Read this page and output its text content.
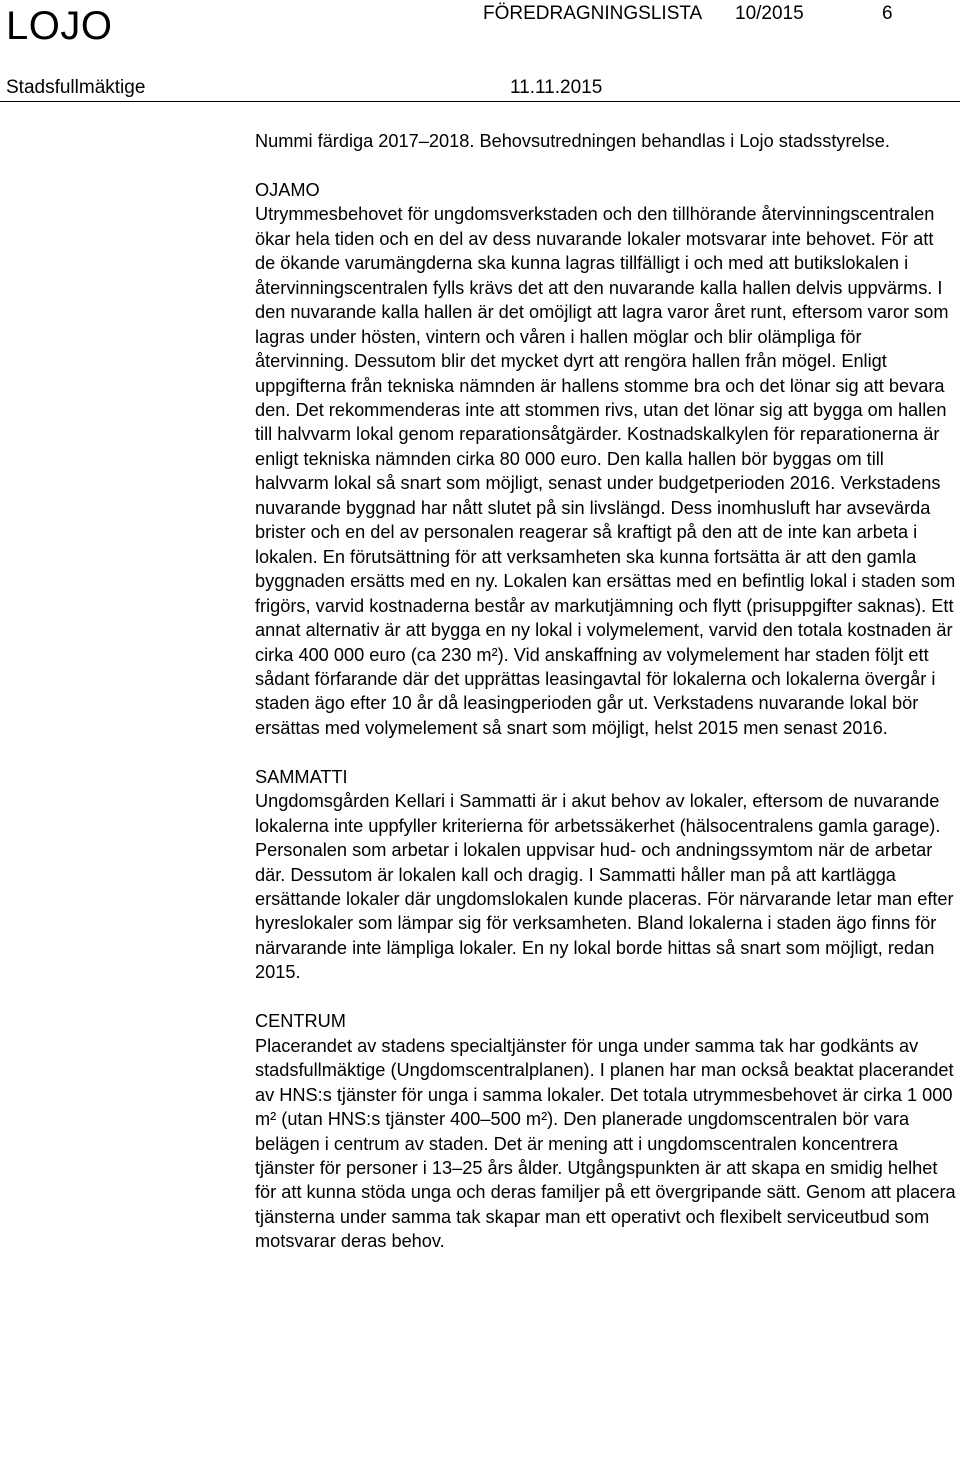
LOJO	FÖREDRAGNINGSLISTA 10/2015	6
Stadsfullmäktige	11.11.2015

Nummi färdiga 2017–2018. Behovsutredningen behandlas i Lojo stadsstyrelse.

OJAMO
Utrymmesbehovet för ungdomsverkstaden och den tillhörande återvinningscentralen ökar hela tiden och en del av dess nuvarande lokaler motsvarar inte behovet. För att de ökande varumängderna ska kunna lagras tillfälligt i och med att butikslokalen i återvinningscentralen fylls krävs det att den nuvarande kalla hallen delvis uppvärms. I den nuvarande kalla hallen är det omöjligt att lagra varor året runt, eftersom varor som lagras under hösten, vintern och våren i hallen möglar och blir olämpliga för återvinning. Dessutom blir det mycket dyrt att rengöra hallen från mögel. Enligt uppgifterna från tekniska nämnden är hallens stomme bra och det lönar sig att bevara den. Det rekommenderas inte att stommen rivs, utan det lönar sig att bygga om hallen till halvvarm lokal genom reparationsåtgärder. Kostnadskalkylen för reparationerna är enligt tekniska nämnden cirka 80 000 euro. Den kalla hallen bör byggas om till halvvarm lokal så snart som möjligt, senast under budgetperioden 2016. Verkstadens nuvarande byggnad har nått slutet på sin livslängd. Dess inomhusluft har avsevärda brister och en del av personalen reagerar så kraftigt på den att de inte kan arbeta i lokalen. En förutsättning för att verksamheten ska kunna fortsätta är att den gamla byggnaden ersätts med en ny. Lokalen kan ersättas med en befintlig lokal i staden som frigörs, varvid kostnaderna består av markutjämning och flytt (prisuppgifter saknas). Ett annat alternativ är att bygga en ny lokal i volymelement, varvid den totala kostnaden är cirka 400 000 euro (ca 230 m²). Vid anskaffning av volymelement har staden följt ett sådant förfarande där det upprättas leasingavtal för lokalerna och lokalerna övergår i staden ägo efter 10 år då leasingperioden går ut. Verkstadens nuvarande lokal bör ersättas med volymelement så snart som möjligt, helst 2015 men senast 2016.

SAMMATTI
Ungdomsgården Kellari i Sammatti är i akut behov av lokaler, eftersom de nuvarande lokalerna inte uppfyller kriterierna för arbetssäkerhet (hälsocentralens gamla garage). Personalen som arbetar i lokalen uppvisar hud- och andningssymtom när de arbetar där. Dessutom är lokalen kall och dragig. I Sammatti håller man på att kartlägga ersättande lokaler där ungdomslokalen kunde placeras. För närvarande letar man efter hyreslokaler som lämpar sig för verksamheten. Bland lokalerna i staden ägo finns för närvarande inte lämpliga lokaler. En ny lokal borde hittas så snart som möjligt, redan 2015.

CENTRUM
Placerandet av stadens specialtjänster för unga under samma tak har godkänts av stadsfullmäktige (Ungdomscentralplanen). I planen har man också beaktat placerandet av HNS:s tjänster för unga i samma lokaler. Det totala utrymmesbehovet är cirka 1 000 m² (utan HNS:s tjänster 400–500 m²). Den planerade ungdomscentralen bör vara belägen i centrum av staden. Det är mening att i ungdomscentralen koncentrera tjänster för personer i 13–25 års ålder. Utgångspunkten är att skapa en smidig helhet för att kunna stöda unga och deras familjer på ett övergripande sätt. Genom att placera tjänsterna under samma tak skapar man ett operativt och flexibelt serviceutbud som motsvarar deras behov.
